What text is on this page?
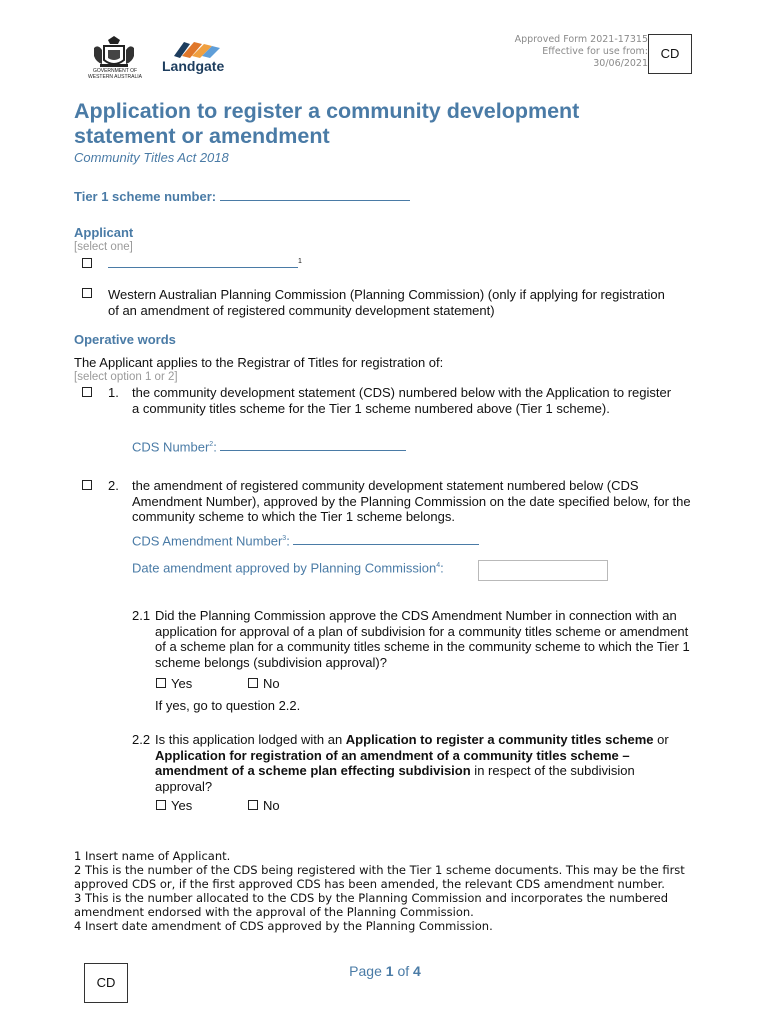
GOVERNMENT OF WESTERN AUSTRALIA
Landgate
Approved Form 2021-17315
Effective for use from:
30/06/2021
CD
Application to register a community development statement or amendment
Community Titles Act 2018
Tier 1 scheme number:
Applicant
[select one]
$^1$
Western Australian Planning Commission (Planning Commission) (only if applying for registration of an amendment of registered community development statement)
Operative words
The Applicant applies to the Registrar of Titles for registration of:
[select option 1 or 2]
1. the community development statement (CDS) numbered below with the Application to register a community titles scheme for the Tier 1 scheme numbered above (Tier 1 scheme).
CDS Number$^2$:
2. the amendment of registered community development statement numbered below (CDS Amendment Number), approved by the Planning Commission on the date specified below, for the community scheme to which the Tier 1 scheme belongs.
CDS Amendment Number$^3$:
Date amendment approved by Planning Commission$^4$:
2.1 Did the Planning Commission approve the CDS Amendment Number in connection with an application for approval of a plan of subdivision for a community titles scheme or amendment of a scheme plan for a community titles scheme in the community scheme to which the Tier 1 scheme belongs (subdivision approval)?
Yes	No
If yes, go to question 2.2.
2.2 Is this application lodged with an Application to register a community titles scheme or Application for registration of an amendment of a community titles scheme – amendment of a scheme plan effecting subdivision in respect of the subdivision approval?
Yes	No
1 Insert name of Applicant.
2 This is the number of the CDS being registered with the Tier 1 scheme documents. This may be the first approved CDS or, if the first approved CDS has been amended, the relevant CDS amendment number.
3 This is the number allocated to the CDS by the Planning Commission and incorporates the numbered amendment endorsed with the approval of the Planning Commission.
4 Insert date amendment of CDS approved by the Planning Commission.
Page 1 of 4
CD
